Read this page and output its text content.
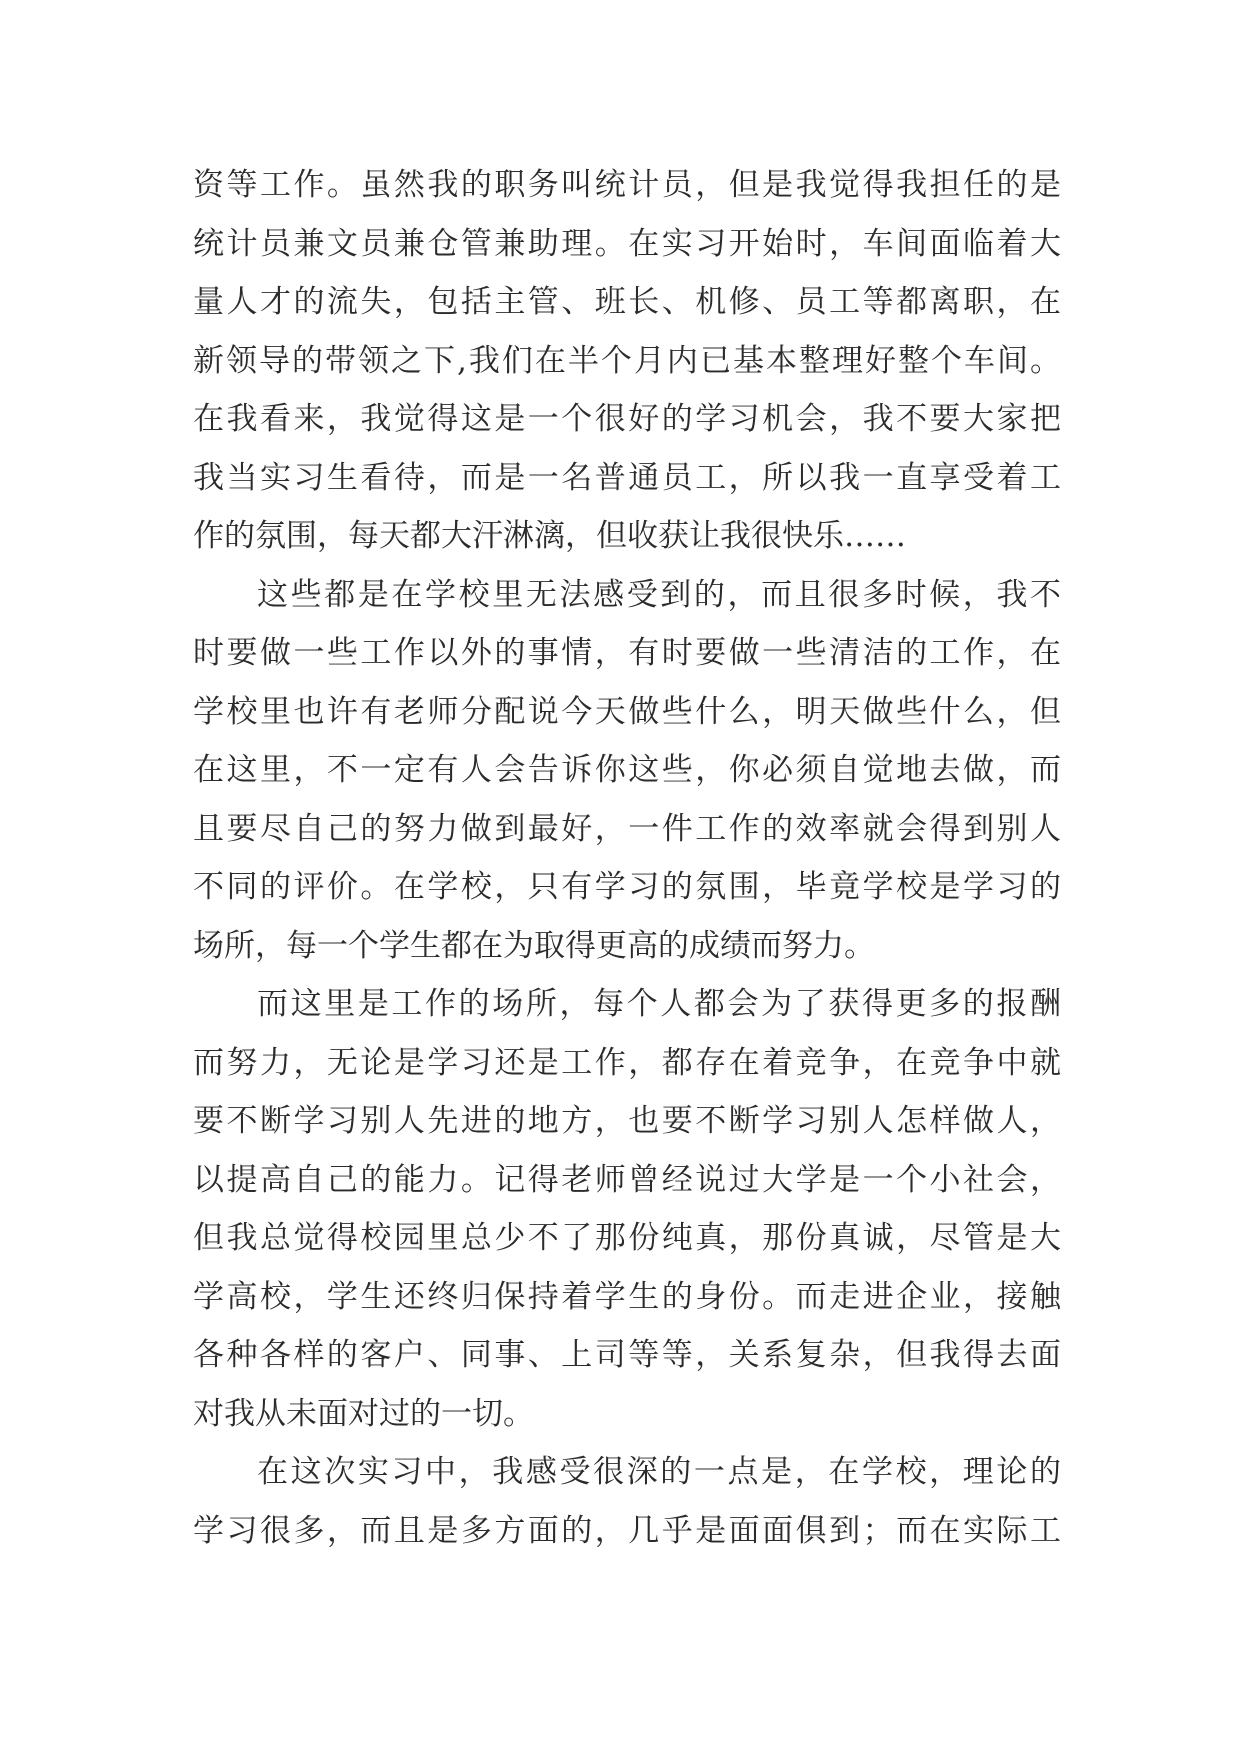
资等工作。虽然我的职务叫统计员，但是我觉得我担任的是
统计员兼文员兼仓管兼助理。在实习开始时，车间面临着大
量人才的流失，包括主管、班长、机修、员工等都离职，在
新领导的带领之下,我们在半个月内已基本整理好整个车间。
在我看来，我觉得这是一个很好的学习机会，我不要大家把
我当实习生看待，而是一名普通员工，所以我一直享受着工
作的氛围，每天都大汗淋漓，但收获让我很快乐……
这些都是在学校里无法感受到的，而且很多时候，我不
时要做一些工作以外的事情，有时要做一些清洁的工作，在
学校里也许有老师分配说今天做些什么，明天做些什么，但
在这里，不一定有人会告诉你这些，你必须自觉地去做，而
且要尽自己的努力做到最好，一件工作的效率就会得到别人
不同的评价。在学校，只有学习的氛围，毕竟学校是学习的
场所，每一个学生都在为取得更高的成绩而努力。
而这里是工作的场所，每个人都会为了获得更多的报酬
而努力，无论是学习还是工作，都存在着竞争，在竞争中就
要不断学习别人先进的地方，也要不断学习别人怎样做人，
以提高自己的能力。记得老师曾经说过大学是一个小社会，
但我总觉得校园里总少不了那份纯真，那份真诚，尽管是大
学高校，学生还终归保持着学生的身份。而走进企业，接触
各种各样的客户、同事、上司等等，关系复杂，但我得去面
对我从未面对过的一切。
在这次实习中，我感受很深的一点是，在学校，理论的
学习很多，而且是多方面的，几乎是面面俱到；而在实际工
